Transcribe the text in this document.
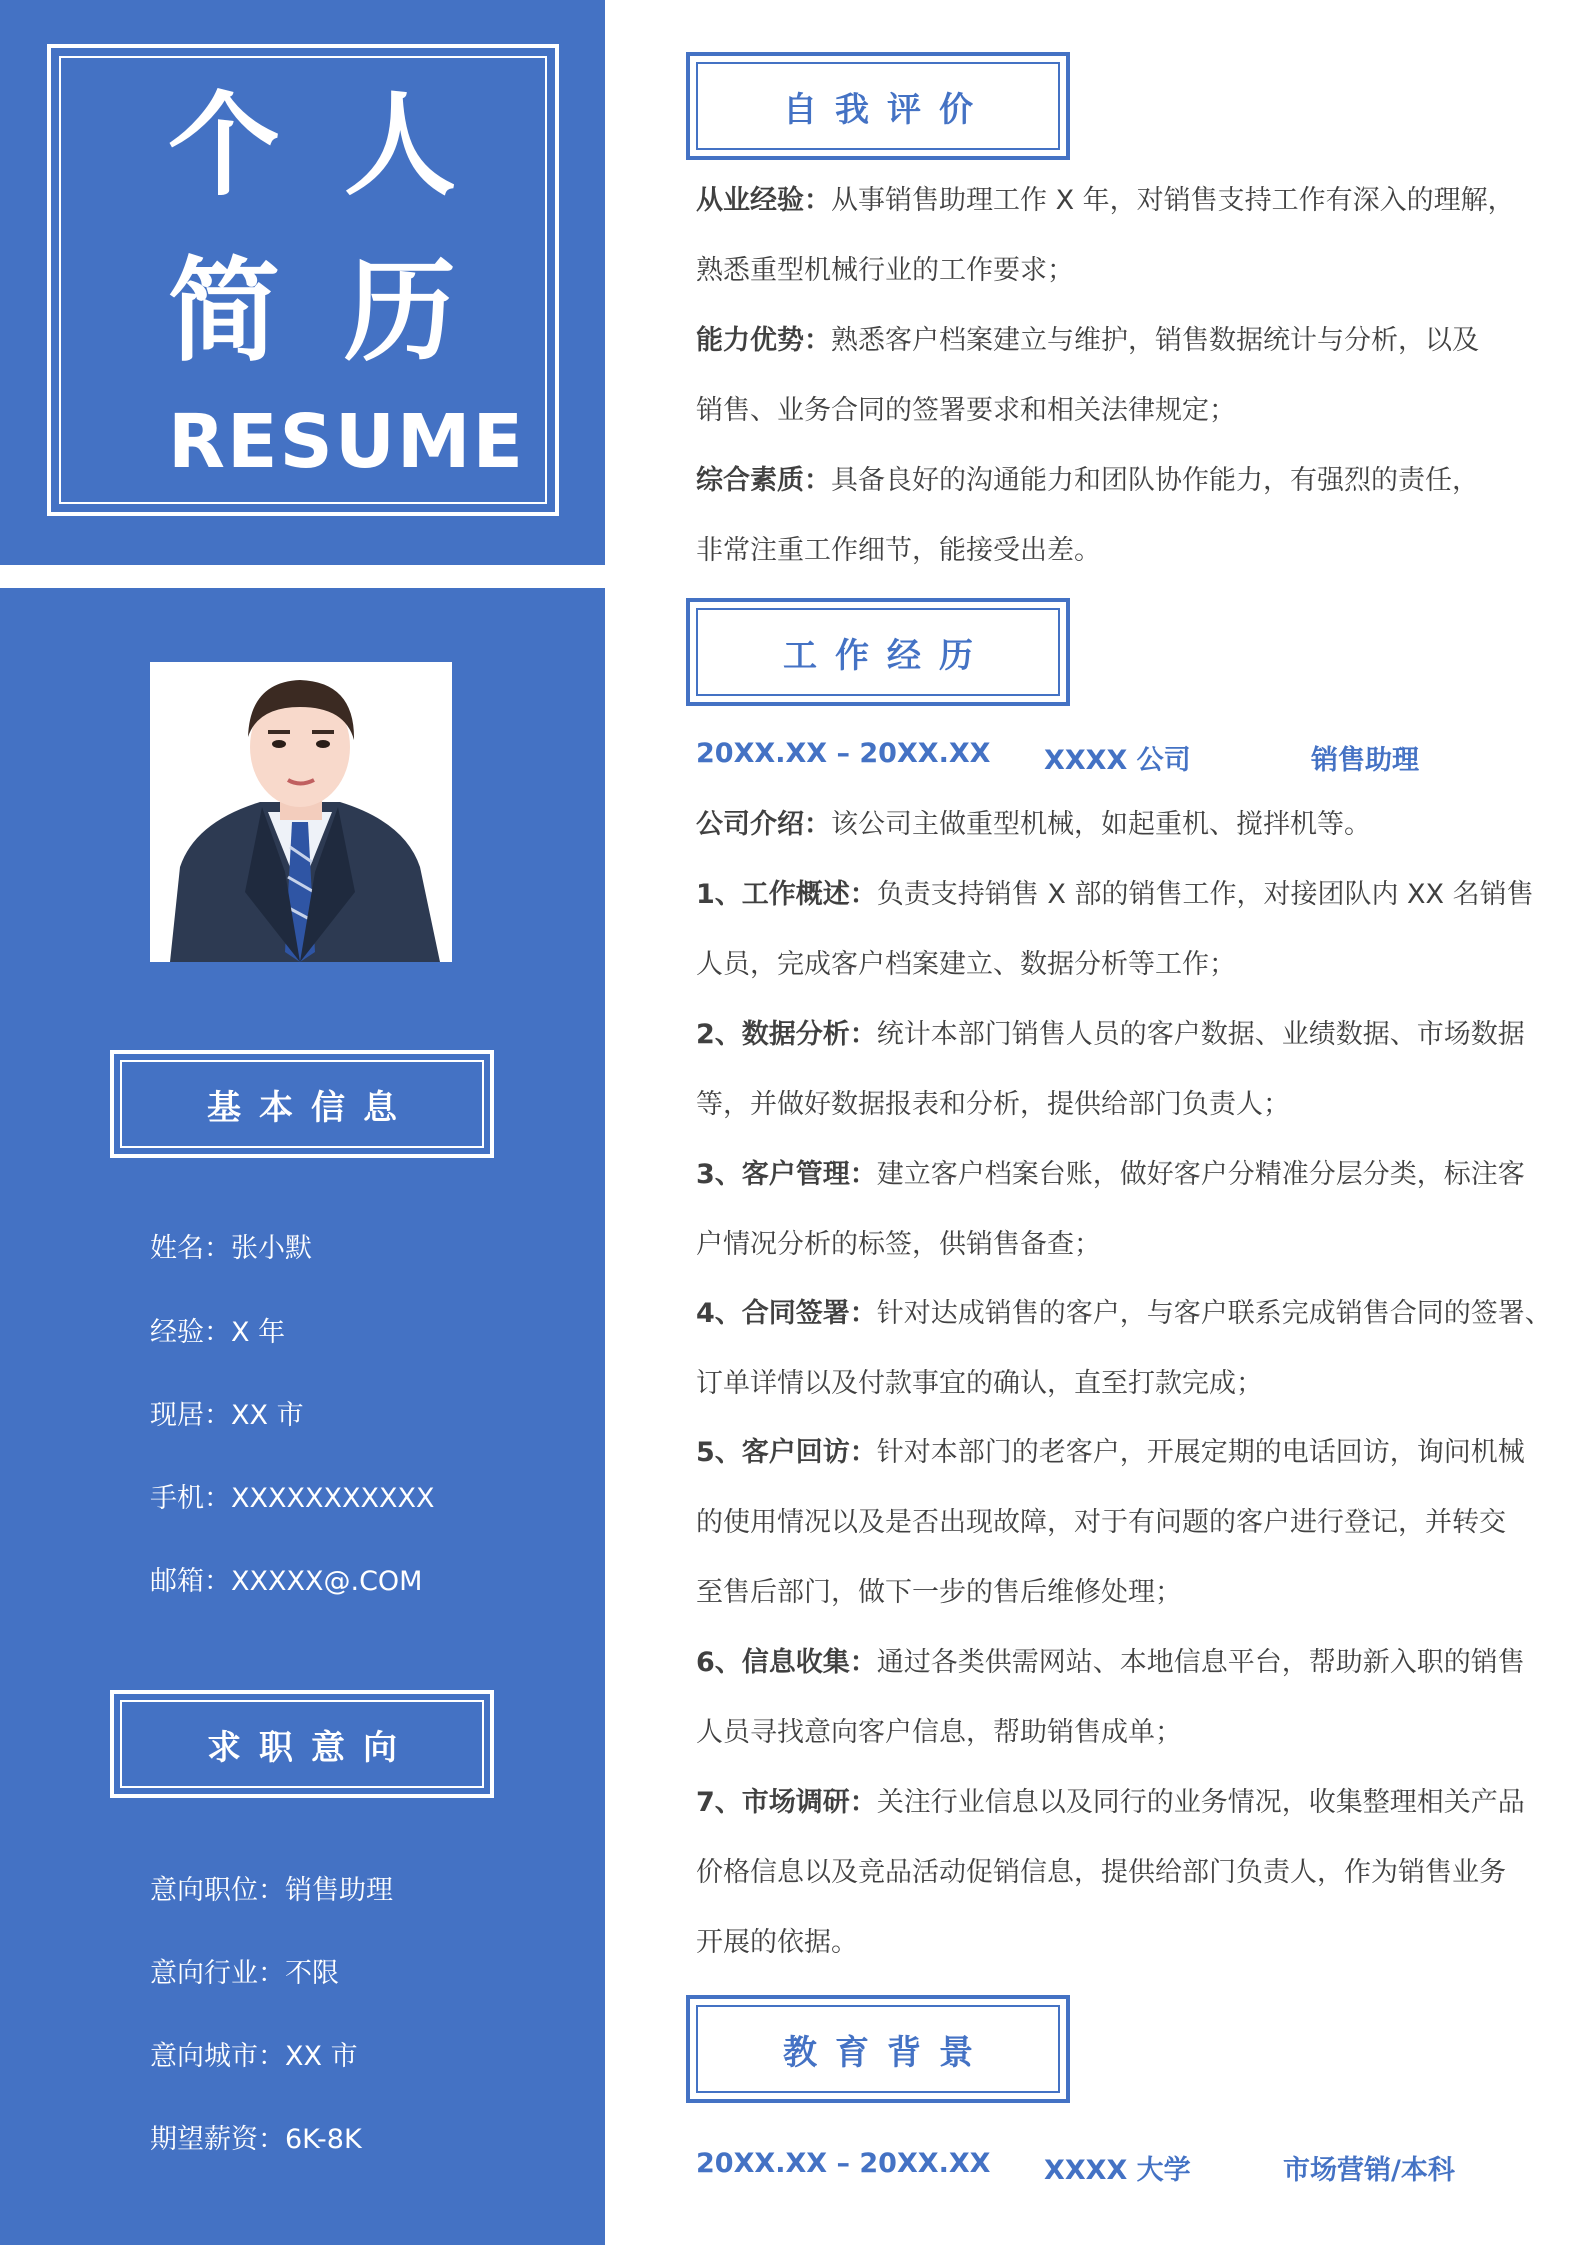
个 人
简 历
RESUME
基本信息
姓名：张小默
经验：X 年
现居：XX 市
手机：XXXXXXXXXXX
邮箱：XXXXX@.COM
求职意向
意向职位：销售助理
意向行业：不限
意向城市：XX 市
期望薪资：6K-8K
自我评价
从业经验：从事销售助理工作 X 年，对销售支持工作有深入的理解，
熟悉重型机械行业的工作要求；
能力优势：熟悉客户档案建立与维护，销售数据统计与分析，以及
销售、业务合同的签署要求和相关法律规定；
综合素质：具备良好的沟通能力和团队协作能力，有强烈的责任，
非常注重工作细节，能接受出差。
工作经历
20XX.XX – 20XX.XX XXXX 公司	销售助理
公司介绍：该公司主做重型机械，如起重机、搅拌机等。
1、工作概述：负责支持销售 X 部的销售工作，对接团队内 XX 名销售
人员，完成客户档案建立、数据分析等工作；
2、数据分析：统计本部门销售人员的客户数据、业绩数据、市场数据
等，并做好数据报表和分析，提供给部门负责人；
3、客户管理：建立客户档案台账，做好客户分精准分层分类，标注客
户情况分析的标签，供销售备查；
4、合同签署：针对达成销售的客户，与客户联系完成销售合同的签署、
订单详情以及付款事宜的确认，直至打款完成；
5、客户回访：针对本部门的老客户，开展定期的电话回访，询问机械
的使用情况以及是否出现故障，对于有问题的客户进行登记，并转交
至售后部门，做下一步的售后维修处理；
6、信息收集：通过各类供需网站、本地信息平台，帮助新入职的销售
人员寻找意向客户信息，帮助销售成单；
7、市场调研：关注行业信息以及同行的业务情况，收集整理相关产品
价格信息以及竞品活动促销信息，提供给部门负责人，作为销售业务
开展的依据。
教育背景
20XX.XX – 20XX.XX XXXX 大学	市场营销/本科
